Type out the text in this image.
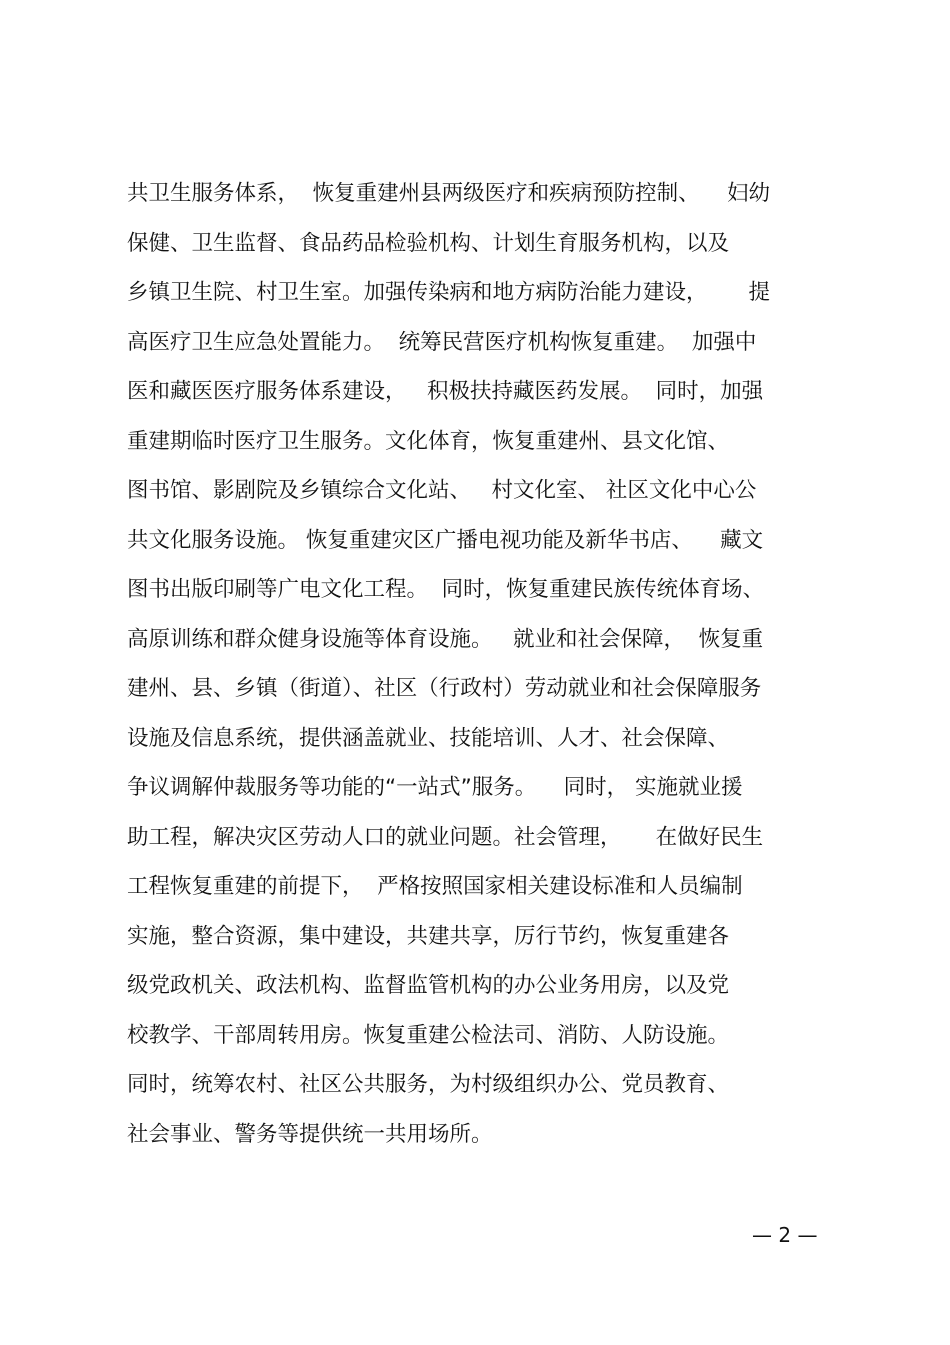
共卫生服务体系，  恢复重建州县两级医疗和疾病预防控制、    妇幼
保健、卫生监督、食品药品检验机构、计划生育服务机构，以及
乡镇卫生院、村卫生室。加强传染病和地方病防治能力建设，      提
高医疗卫生应急处置能力。  统筹民营医疗机构恢复重建。  加强中
医和藏医医疗服务体系建设，   积极扶持藏医药发展。  同时，加强
重建期临时医疗卫生服务。文化体育，恢复重建州、县文化馆、
图书馆、影剧院及乡镇综合文化站、   村文化室、 社区文化中心公
共文化服务设施。 恢复重建灾区广播电视功能及新华书店、    藏文
图书出版印刷等广电文化工程。  同时，恢复重建民族传统体育场、
高原训练和群众健身设施等体育设施。   就业和社会保障，  恢复重
建州、县、乡镇（街道）、社区（行政村）劳动就业和社会保障服务
设施及信息系统，提供涵盖就业、技能培训、人才、社会保障、
争议调解仲裁服务等功能的“一站式”服务。    同时， 实施就业援
助工程，解决灾区劳动人口的就业问题。社会管理，     在做好民生
工程恢复重建的前提下，  严格按照国家相关建设标准和人员编制
实施，整合资源，集中建设，共建共享，厉行节约，恢复重建各
级党政机关、政法机构、监督监管机构的办公业务用房，以及党
校教学、干部周转用房。恢复重建公检法司、消防、人防设施。
同时，统筹农村、社区公共服务，为村级组织办公、党员教育、
社会事业、警务等提供统一共用场所。
— 2 —
